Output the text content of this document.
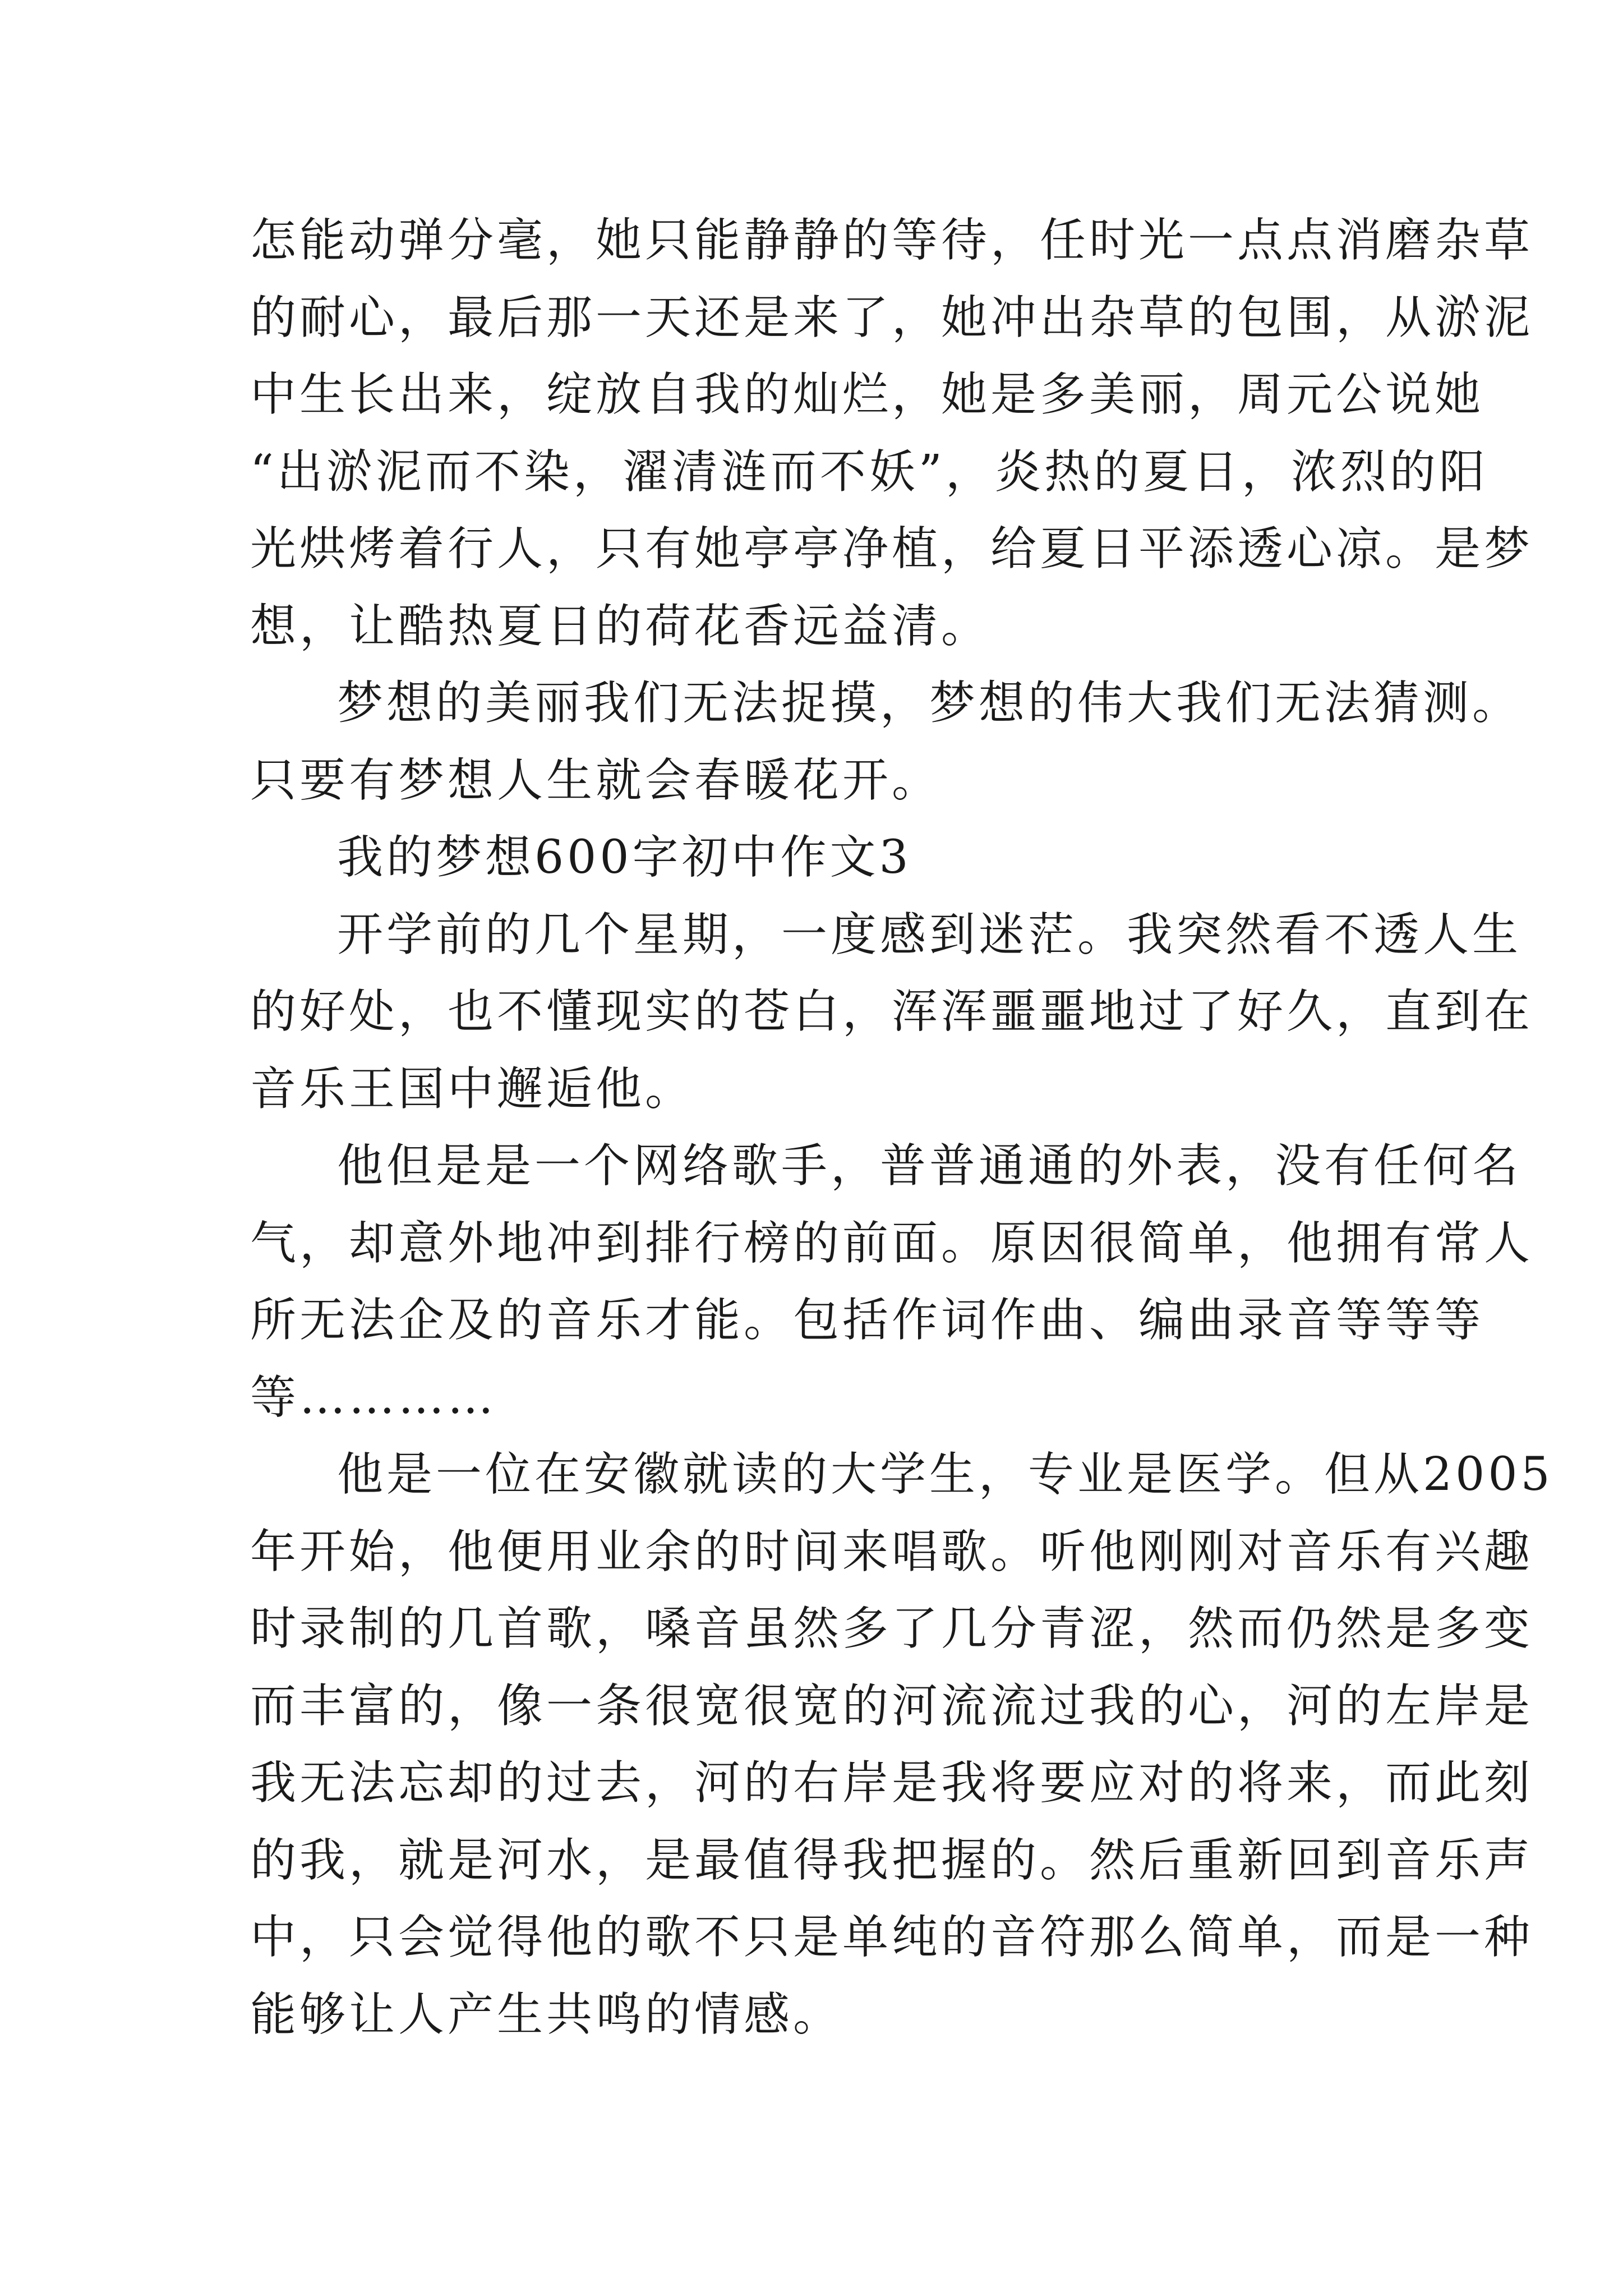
怎能动弹分毫，她只能静静的等待，任时光一点点消磨杂草
的耐心，最后那一天还是来了，她冲出杂草的包围，从淤泥
中生长出来，绽放自我的灿烂，她是多美丽，周元公说她
“出淤泥而不染，濯清涟而不妖”，炎热的夏日，浓烈的阳
光烘烤着行人，只有她亭亭净植，给夏日平添透心凉。是梦
想，让酷热夏日的荷花香远益清。
梦想的美丽我们无法捉摸，梦想的伟大我们无法猜测。
只要有梦想人生就会春暖花开。
我的梦想600字初中作文3
开学前的几个星期，一度感到迷茫。我突然看不透人生
的好处，也不懂现实的苍白，浑浑噩噩地过了好久，直到在
音乐王国中邂逅他。
他但是是一个网络歌手，普普通通的外表，没有任何名
气，却意外地冲到排行榜的前面。原因很简单，他拥有常人
所无法企及的音乐才能。包括作词作曲、编曲录音等等等
等…………
他是一位在安徽就读的大学生，专业是医学。但从2005
年开始，他便用业余的时间来唱歌。听他刚刚对音乐有兴趣
时录制的几首歌，嗓音虽然多了几分青涩，然而仍然是多变
而丰富的，像一条很宽很宽的河流流过我的心，河的左岸是
我无法忘却的过去，河的右岸是我将要应对的将来，而此刻
的我，就是河水，是最值得我把握的。然后重新回到音乐声
中，只会觉得他的歌不只是单纯的音符那么简单，而是一种
能够让人产生共鸣的情感。
